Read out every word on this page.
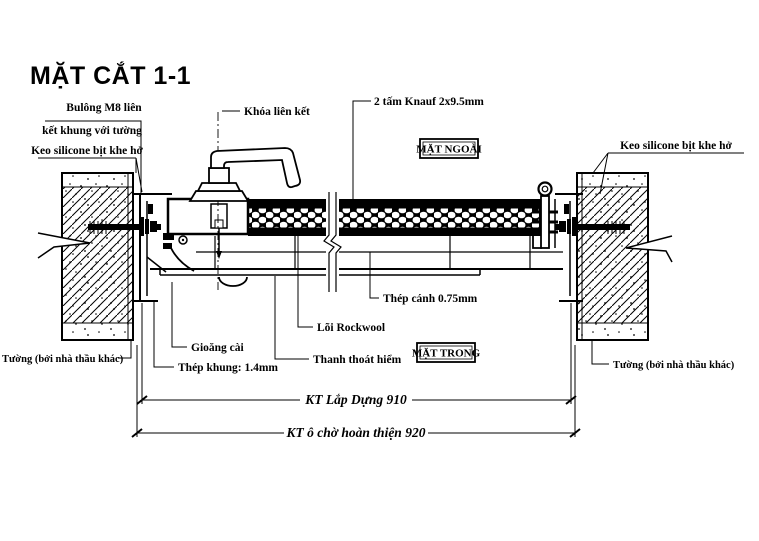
MẶT CẮT 1-1
Bulông M8 liên
kết khung với tường
Keo silicone bịt khe hở	Keo silicone bịt khe hở
Khóa liên kết
2 tấm Knauf 2x9.5mm
MẶT NGOÀI
MẶT TRONG
Thép cánh 0.75mm
Lõi Rockwool
Gioăng cài
Thép khung: 1.4mm
Thanh thoát hiểm
Tường (bởi nhà thầu khác)
Tường (bởi nhà thầu khác)
KT Lắp Dựng 910
KT ô chờ hoàn thiện 920
